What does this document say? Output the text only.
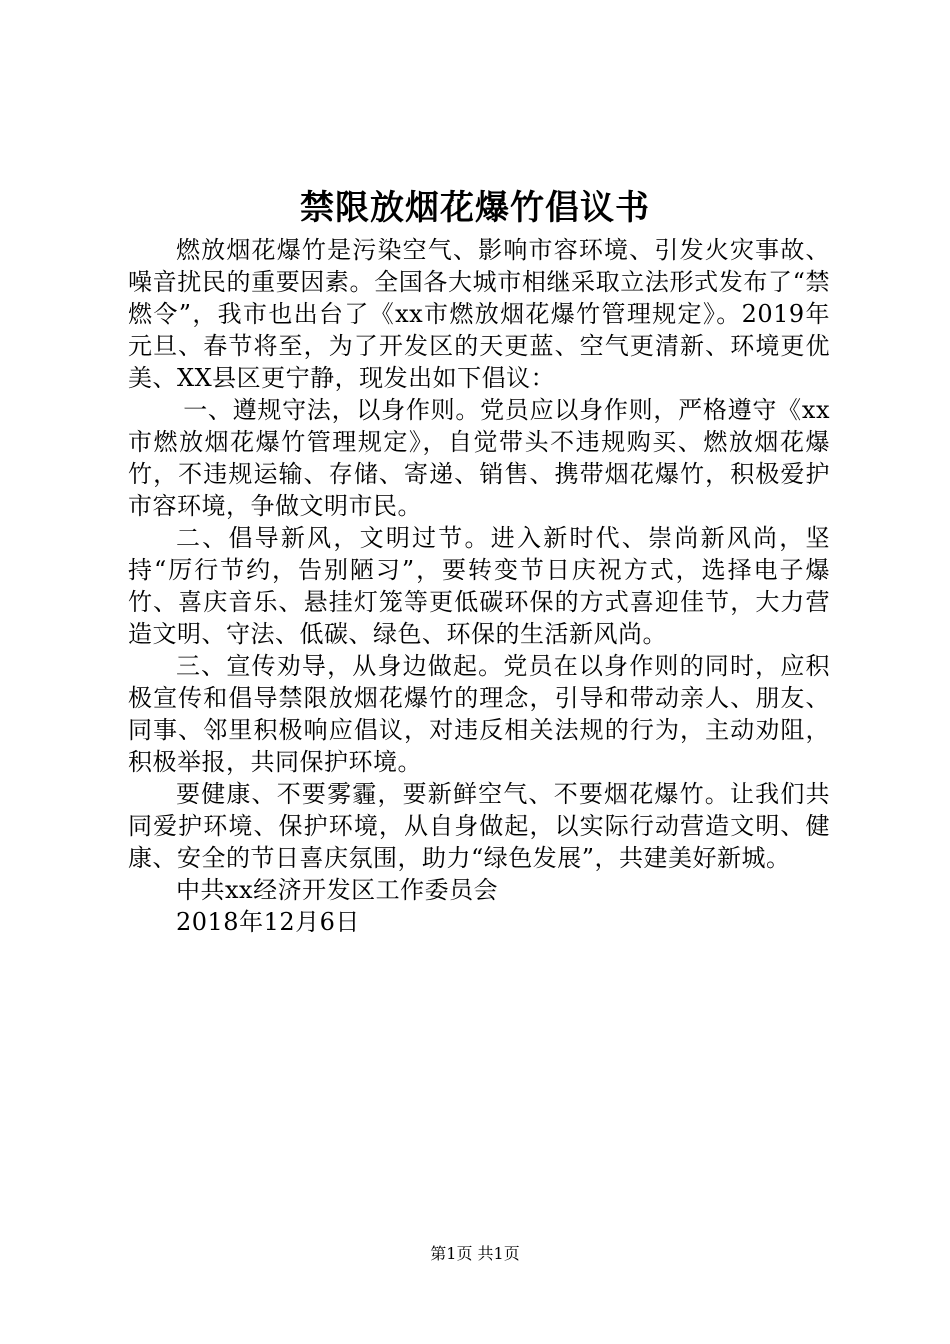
禁限放烟花爆竹倡议书

燃放烟花爆竹是污染空气、影响市容环境、引发火灾事故、噪音扰民的重要因素。全国各大城市相继采取立法形式发布了“禁燃令”，我市也出台了《xx市燃放烟花爆竹管理规定》。2019年元旦、春节将至，为了开发区的天更蓝、空气更清新、环境更优美、XX县区更宁静，现发出如下倡议：

一、遵规守法，以身作则。党员应以身作则，严格遵守《xx市燃放烟花爆竹管理规定》，自觉带头不违规购买、燃放烟花爆竹，不违规运输、存储、寄递、销售、携带烟花爆竹，积极爱护市容环境，争做文明市民。

二、倡导新风，文明过节。进入新时代、崇尚新风尚，坚持“厉行节约，告别陋习”，要转变节日庆祝方式，选择电子爆竹、喜庆音乐、悬挂灯笼等更低碳环保的方式喜迎佳节，大力营造文明、守法、低碳、绿色、环保的生活新风尚。

三、宣传劝导，从身边做起。党员在以身作则的同时，应积极宣传和倡导禁限放烟花爆竹的理念，引导和带动亲人、朋友、同事、邻里积极响应倡议，对违反相关法规的行为，主动劝阻，积极举报，共同保护环境。

要健康、不要雾霾，要新鲜空气、不要烟花爆竹。让我们共同爱护环境、保护环境，从自身做起，以实际行动营造文明、健康、安全的节日喜庆氛围，助力“绿色发展”，共建美好新城。

中共xx经济开发区工作委员会

2018年12月6日

第1页 共1页
